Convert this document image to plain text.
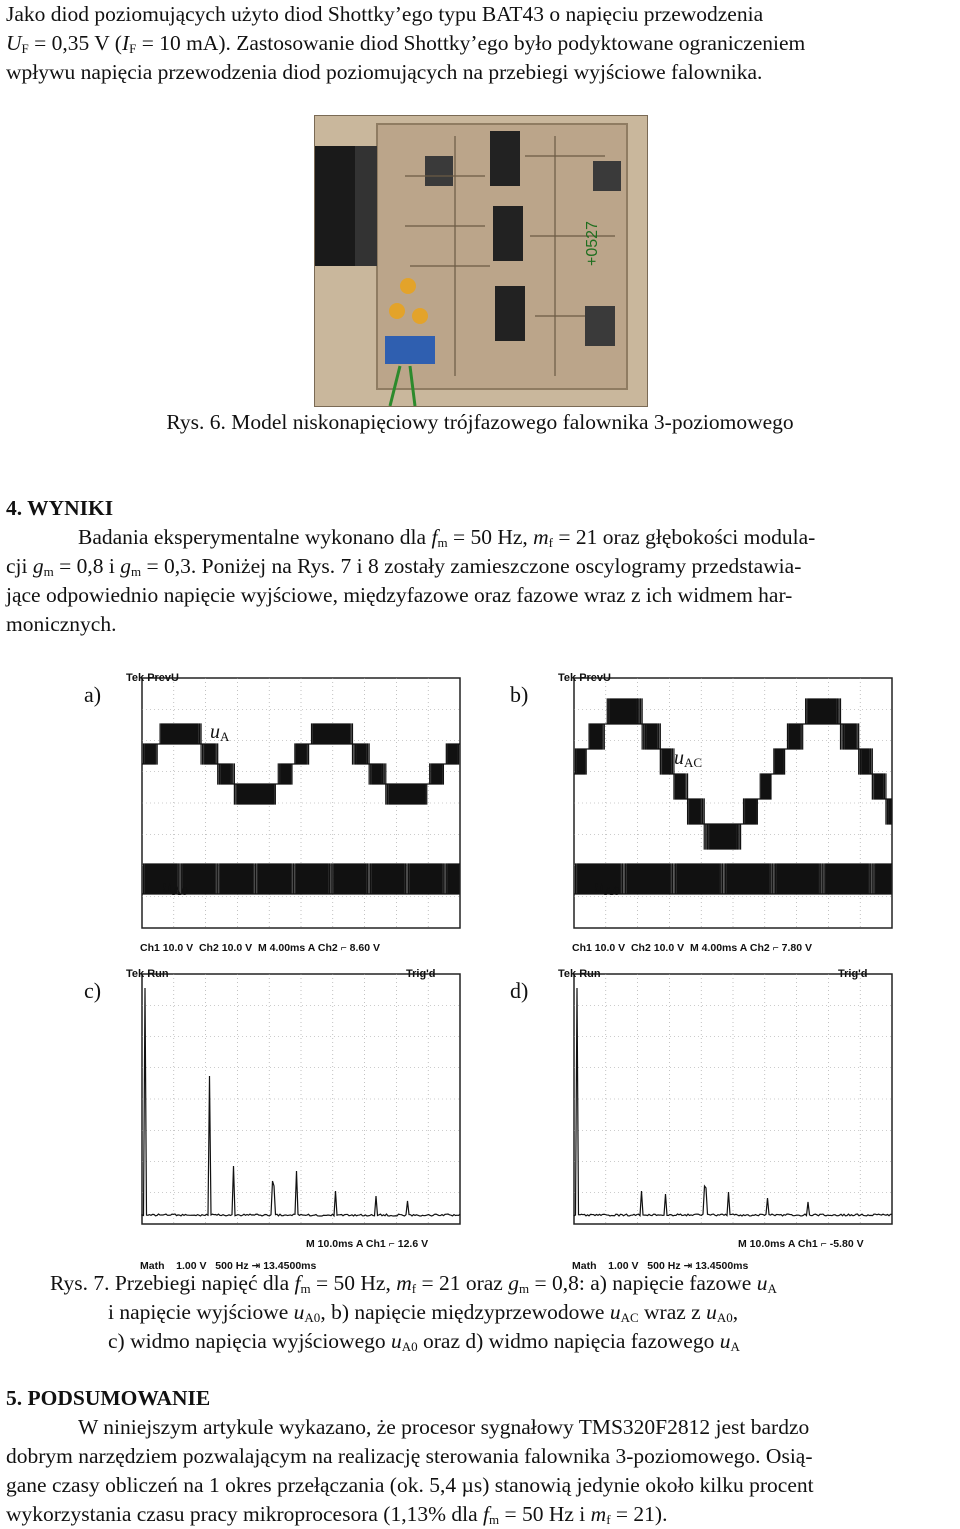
Jako diod poziomujących użyto diod Shottky’ego typu BAT43 o napięciu przewodzenia

$U_F = 0,35$ V ($I_F = 10$ mA). Zastosowanie diod Shottky’ego było podyktowane ograniczeniem

wpływu napięcia przewodzenia diod poziomujących na przebiegi wyjściowe falownika.

+0527
Rys. 6. Model niskonapięciowy trójfazowego falownika 3-poziomowego
4. WYNIKI

Badania eksperymentalne wykonano dla $f_m = 50$ Hz, $m_f = 21$ oraz głębokości modula-

cji $g_m = 0,8$ i $g_m = 0,3$. Poniżej na Rys. 7 i 8 zostały zamieszczone oscylogramy przedstawia-

jące odpowiednio napięcie wyjściowe, międzyfazowe oraz fazowe wraz z ich widmem har-

monicznych.

a)	b)
c)	d)
Tek PrevU
$u_A$
$u_{A0}$
Ch1 10.0 V Ch2 10.0 V M 4.00ms A Ch2 ⌐ 8.60 V
Tek PrevU
$u_{AC}$
$u_{A0}$
Ch1 10.0 V Ch2 10.0 V M 4.00ms A Ch2 ⌐ 7.80 V
Tek Run	Trig'd
M 10.0ms A Ch1 ⌐ 12.6 V
Math 1.00 V 500 Hz ⇥ 13.4500ms
Tek Run	Trig'd
M 10.0ms A Ch1 ⌐ -5.80 V
Math 1.00 V 500 Hz ⇥ 13.4500ms
Rys. 7. Przebiegi napięć dla $f_m = 50$ Hz, $m_f = 21$ oraz $g_m = 0,8$: a) napięcie fazowe $u_A$
i napięcie wyjściowe $u_{A0}$, b) napięcie międzyprzewodowe $u_{AC}$ wraz z $u_{A0}$,
c) widmo napięcia wyjściowego $u_{A0}$ oraz d) widmo napięcia fazowego $u_A$
5. PODSUMOWANIE

W niniejszym artykule wykazano, że procesor sygnałowy TMS320F2812 jest bardzo

dobrym narzędziem pozwalającym na realizację sterowania falownika 3-poziomowego. Osią-

gane czasy obliczeń na 1 okres przełączania (ok. 5,4 µs) stanowią jedynie około kilku procent

wykorzystania czasu pracy mikroprocesora (1,13% dla $f_m = 50$ Hz i $m_f = 21$).
